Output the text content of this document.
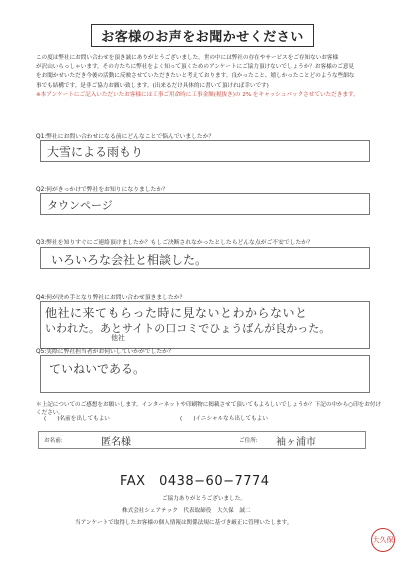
お客様のお声をお聞かせください

この度は弊社にお問い合わせを頂き誠にありがとうございました。世の中には弊社の存在やサービスをご存知ないお客様

が沢山いらっしゃいます。その方たちに弊社をよく知って頂くためのアンケートにご協力頂けないでしょうか？お客様のご意見

をお聞かせいただき今後の活動に反映させていただきたいと考えております。良かったこと、嬉しかったことどのような些細な

事でも結構です。是非ご協力お願い致します。(出来るだけ具体的に書いて頂ければ幸いです)

※本アンケートにご記入いただいたお客様には工事ご用命時に工事金額(税抜き)の 2% をキャッシュバックさせていただきます。

Q1:弊社にお問い合わせになる前にどんなことで悩んでいましたか？
大雪による雨もり
Q2:何がきっかけで弊社をお知りになりましたか？
タウンページ
Q3:弊社を知りすぐにご連絡頂けましたか？もしご決断されなかったとしたらどんな点がご不安でしたか？
いろいろな会社と相談した。
Q4:何が決め手となり弊社にお問い合わせ頂きましたか？
他社に来てもらった時に見ないとわからないと
いわれた。あとサイトの口コミでひょうばんが良かった。
他社
Q5:実際に弊社担当者がお伺いしていかがでしたか？
ていねいである。
＊上記についてのご感想をお願いします。インターネットや印刷物に掲載させて頂いてもよろしいでしょうか？下記の中から○印をお付けください。
(　　)名前を出してもよい	(　　)イニシャルなら出してもよい
お名前:	匿名様	ご住所: 袖ヶ浦市
FAX　0438−60−7774
ご協力ありがとうございました。
株式会社シェアテック　代表取締役　大久保　誠二
当アンケートで取得したお客様の個人情報は関係法規に基づき厳正に管理いたします。
大久保
